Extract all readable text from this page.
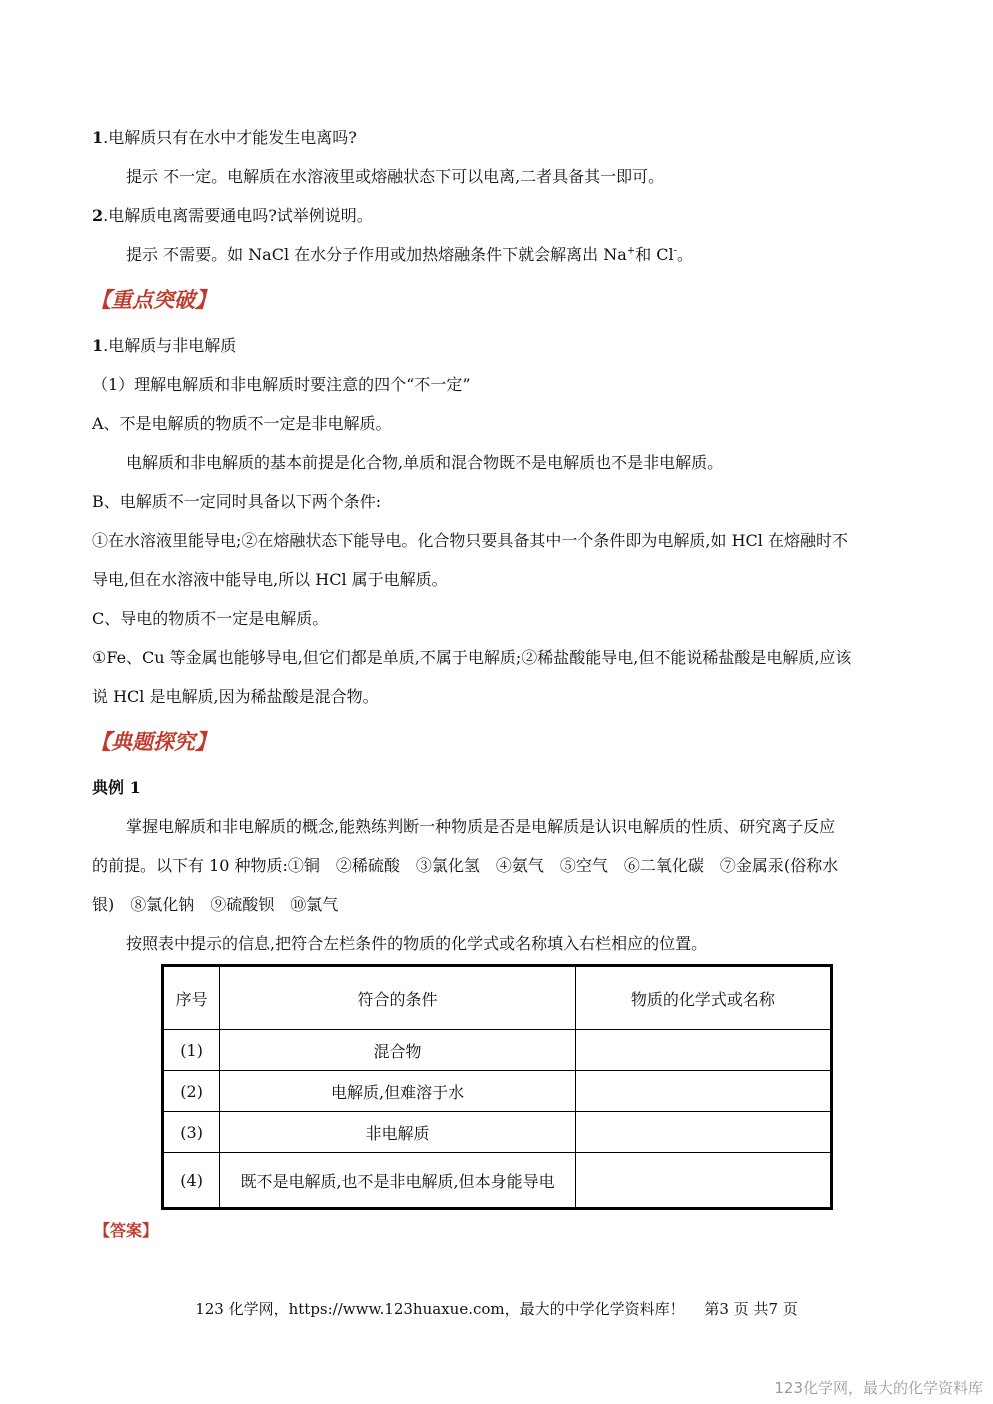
1.电解质只有在水中才能发生电离吗?
提示 不一定。电解质在水溶液里或熔融状态下可以电离,二者具备其一即可。
2.电解质电离需要通电吗?试举例说明。
提示 不需要。如 NaCl 在水分子作用或加热熔融条件下就会解离出 Na+和 Cl-。
【重点突破】
1.电解质与非电解质
（1）理解电解质和非电解质时要注意的四个“不一定”
A、不是电解质的物质不一定是非电解质。
电解质和非电解质的基本前提是化合物,单质和混合物既不是电解质也不是非电解质。
B、电解质不一定同时具备以下两个条件:
①在水溶液里能导电;②在熔融状态下能导电。化合物只要具备其中一个条件即为电解质,如 HCl 在熔融时不
导电,但在水溶液中能导电,所以 HCl 属于电解质。
C、导电的物质不一定是电解质。
①Fe、Cu 等金属也能够导电,但它们都是单质,不属于电解质;②稀盐酸能导电,但不能说稀盐酸是电解质,应该
说 HCl 是电解质,因为稀盐酸是混合物。
【典题探究】
典例 1
掌握电解质和非电解质的概念,能熟练判断一种物质是否是电解质是认识电解质的性质、研究离子反应
的前提。以下有 10 种物质:①铜　②稀硫酸　③氯化氢　④氨气　⑤空气　⑥二氧化碳　⑦金属汞(俗称水
银)　⑧氯化钠　⑨硫酸钡　⑩氯气
按照表中提示的信息,把符合左栏条件的物质的化学式或名称填入右栏相应的位置。
序号	符合的条件	物质的化学式或名称
(1)	混合物	
(2)	电解质,但难溶于水	
(3)	非电解质	
(4)	既不是电解质,也不是非电解质,但本身能导电	
【答案】
123 化学网，https://www.123huaxue.com，最大的中学化学资料库！　 第3 页 共7 页
123化学网，最大的化学资料库
